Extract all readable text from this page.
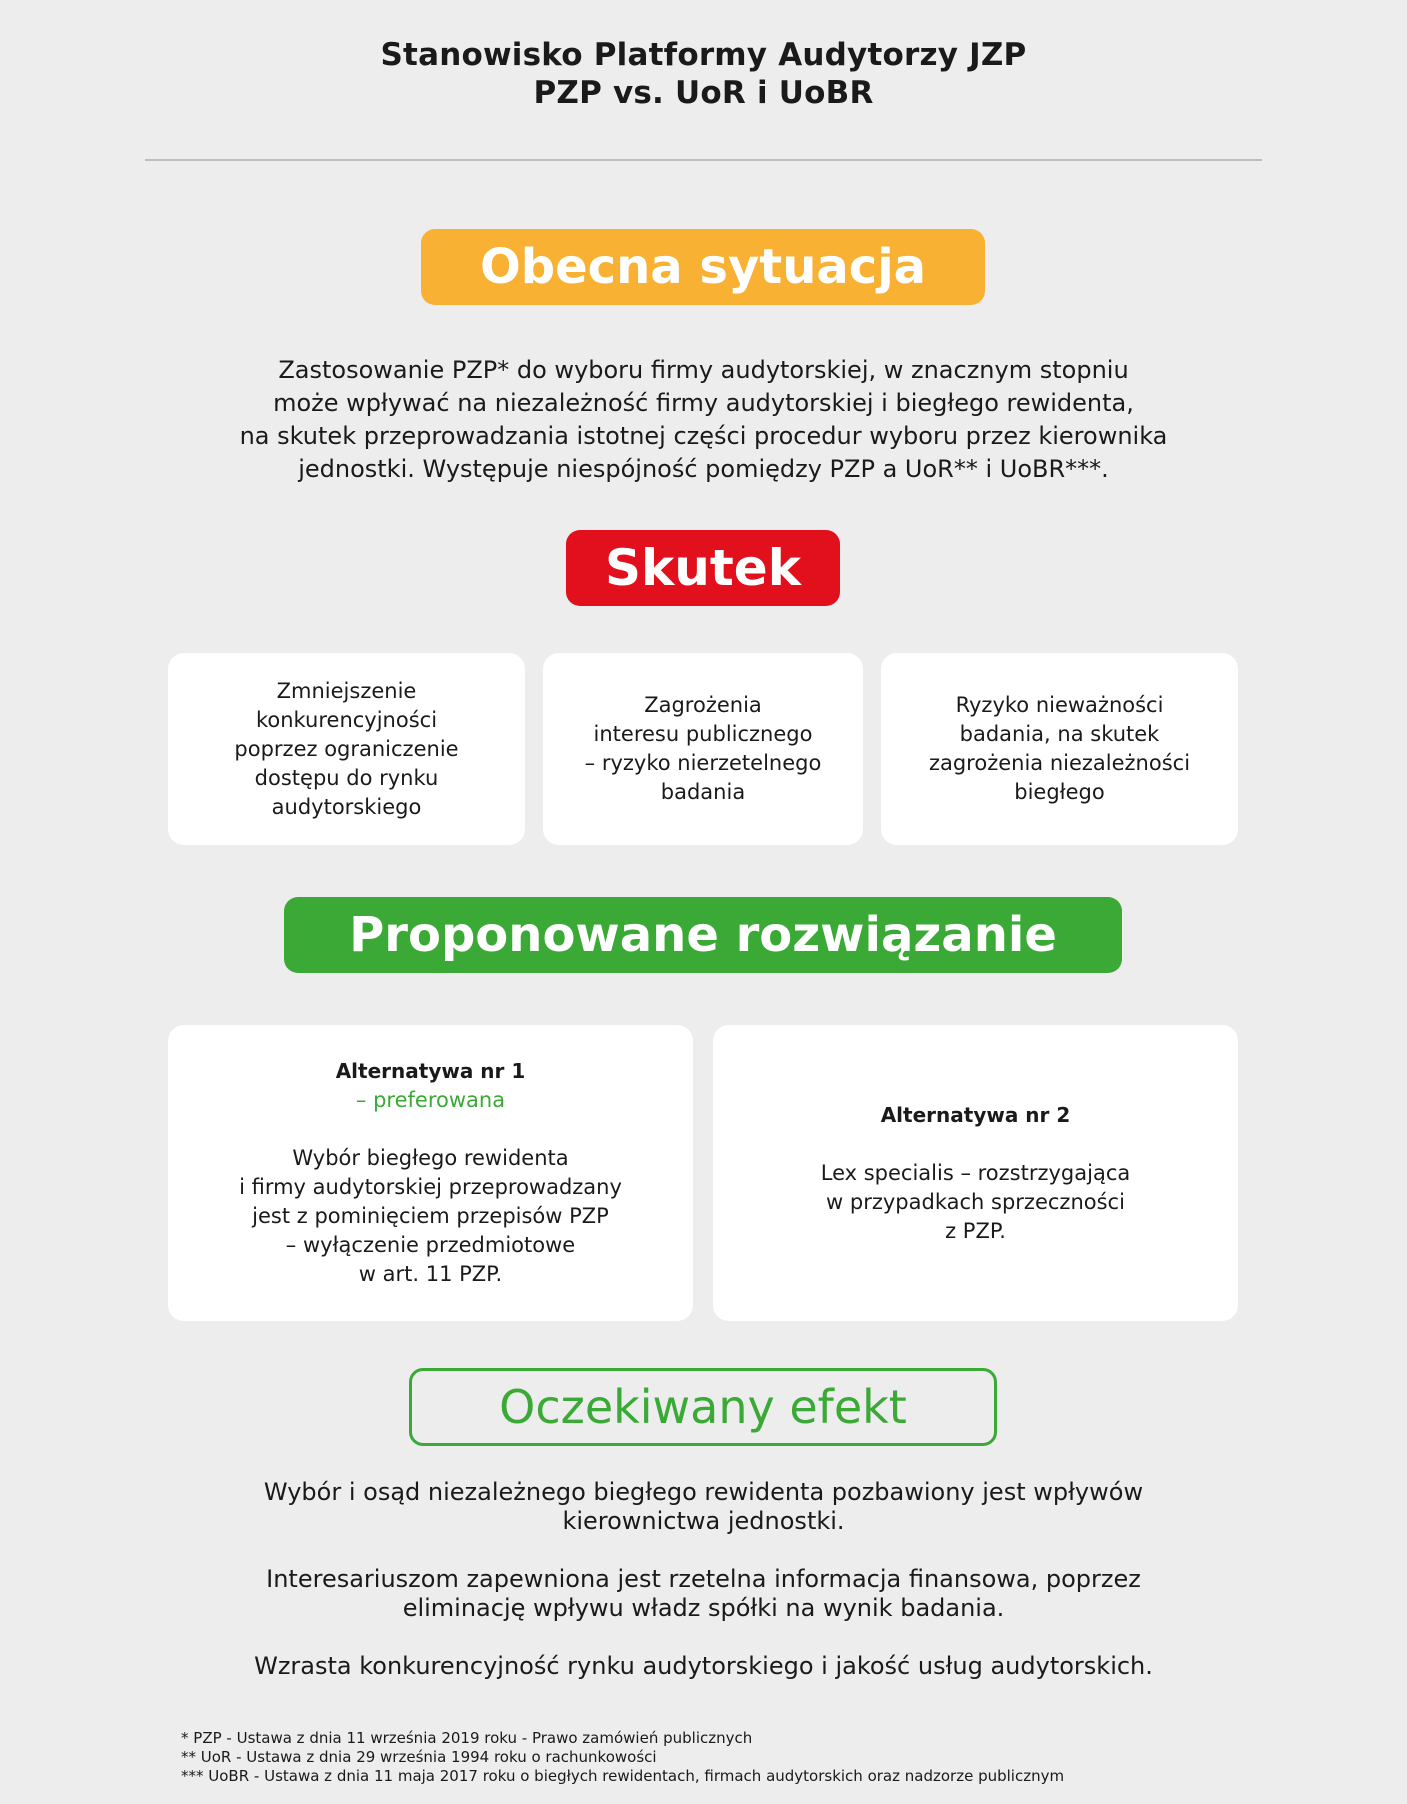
Stanowisko Platformy Audytorzy JZP
PZP vs. UoR i UoBR
Obecna sytuacja
Zastosowanie PZP* do wyboru firmy audytorskiej, w znacznym stopniu
może wpływać na niezależność firmy audytorskiej i biegłego rewidenta,
na skutek przeprowadzania istotnej części procedur wyboru przez kierownika
jednostki. Występuje niespójność pomiędzy PZP a UoR** i UoBR***.
Skutek
Zmniejszenie
konkurencyjności
poprzez ograniczenie
dostępu do rynku
audytorskiego
Zagrożenia
interesu publicznego
– ryzyko nierzetelnego
badania
Ryzyko nieważności
badania, na skutek
zagrożenia niezależności
biegłego
Proponowane rozwiązanie
Alternatywa nr 1
– preferowana
Wybór biegłego rewidenta
i firmy audytorskiej przeprowadzany
jest z pominięciem przepisów PZP
– wyłączenie przedmiotowe
w art. 11 PZP.
Alternatywa nr 2
Lex specialis – rozstrzygająca
w przypadkach sprzeczności
z PZP.
Oczekiwany efekt
Wybór i osąd niezależnego biegłego rewidenta pozbawiony jest wpływów
kierownictwa jednostki.
Interesariuszom zapewniona jest rzetelna informacja finansowa, poprzez
eliminację wpływu władz spółki na wynik badania.
Wzrasta konkurencyjność rynku audytorskiego i jakość usług audytorskich.
* PZP - Ustawa z dnia 11 września 2019 roku - Prawo zamówień publicznych
** UoR - Ustawa z dnia 29 września 1994 roku o rachunkowości
*** UoBR - Ustawa z dnia 11 maja 2017 roku o biegłych rewidentach, firmach audytorskich oraz nadzorze publicznym
